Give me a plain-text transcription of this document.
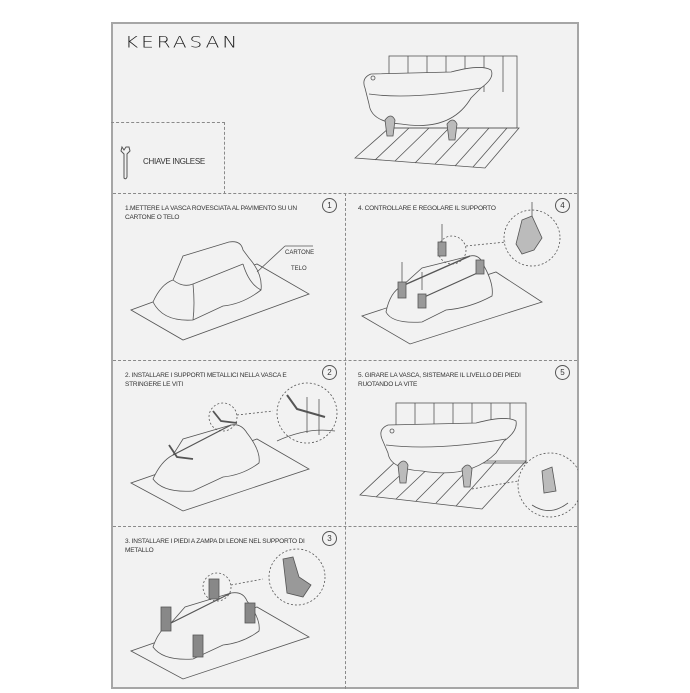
KERASAN
CHIAVE INGLESE
1.METTERE LA VASCA ROVESCIATA AL PAVIMENTO SU UN CARTONE O TELO
1
CARTONE
TELO
4. CONTROLLARE E REGOLARE IL SUPPORTO	4
2. INSTALLARE I SUPPORTI METALLICI NELLA VASCA E STRINGERE LE VITI
2	5. GIRARE LA VASCA, SISTEMARE IL LIVELLO DEI PIEDI RUOTANDO LA VITE
5
3. INSTALLARE I PIEDI A ZAMPA DI LEONE NEL SUPPORTO DI METALLO
3
